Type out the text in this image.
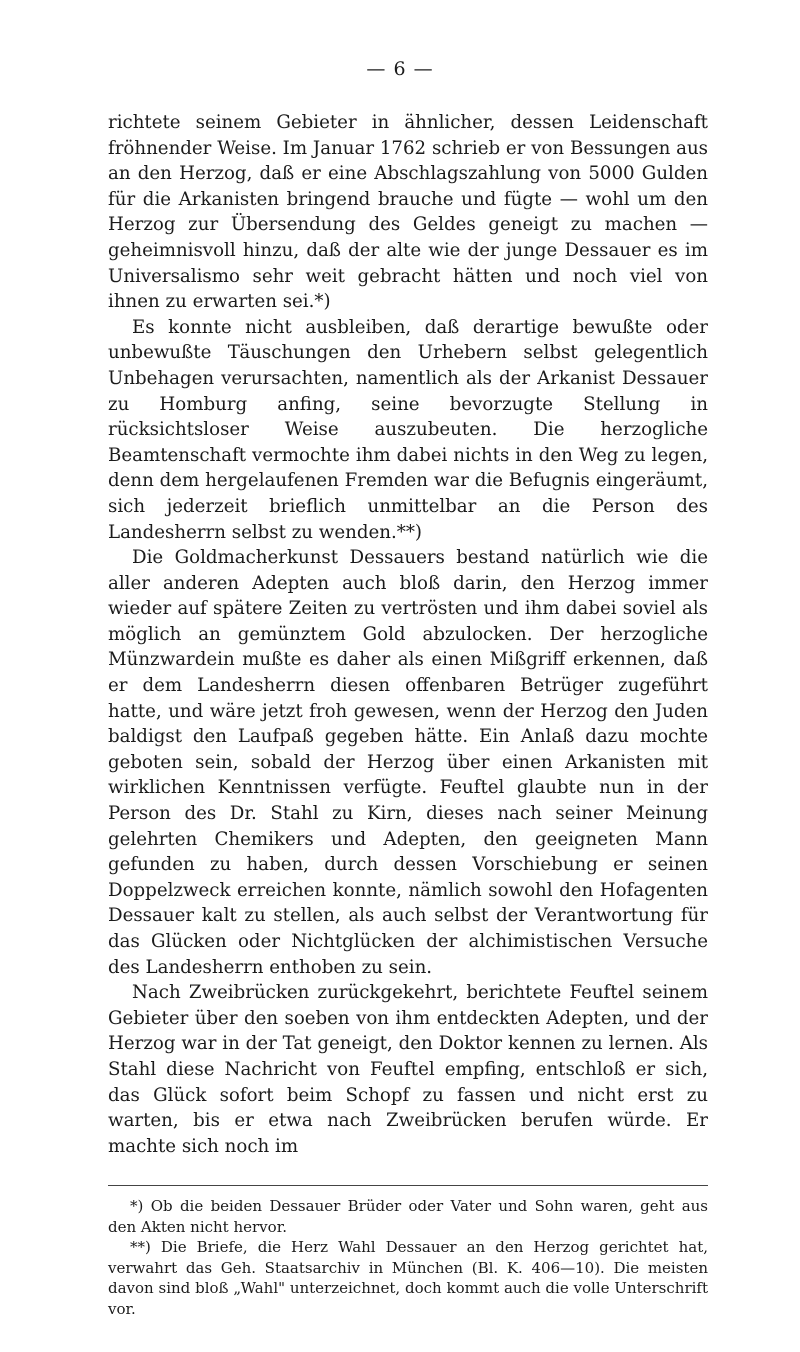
— 6 —

richtete seinem Gebieter in ähnlicher, dessen Leidenschaft fröhnender Weise. Im Januar 1762 schrieb er von Bessungen aus an den Herzog, daß er eine Abschlagszahlung von 5000 Gulden für die Arkanisten bringend brauche und fügte — wohl um den Herzog zur Übersendung des Geldes geneigt zu machen — geheimnisvoll hinzu, daß der alte wie der junge Dessauer es im Universalismo sehr weit gebracht hätten und noch viel von ihnen zu erwarten sei.*)

Es konnte nicht ausbleiben, daß derartige bewußte oder unbewußte Täuschungen den Urhebern selbst gelegentlich Unbehagen verursachten, namentlich als der Arkanist Dessauer zu Homburg anfing, seine bevorzugte Stellung in rücksichtsloser Weise auszubeuten. Die herzogliche Beamtenschaft vermochte ihm dabei nichts in den Weg zu legen, denn dem hergelaufenen Fremden war die Befugnis eingeräumt, sich jederzeit brieflich unmittelbar an die Person des Landesherrn selbst zu wenden.**)

Die Goldmacherkunst Dessauers bestand natürlich wie die aller anderen Adepten auch bloß darin, den Herzog immer wieder auf spätere Zeiten zu vertrösten und ihm dabei soviel als möglich an gemünztem Gold abzulocken. Der herzogliche Münzwardein mußte es daher als einen Mißgriff erkennen, daß er dem Landesherrn diesen offenbaren Betrüger zugeführt hatte, und wäre jetzt froh gewesen, wenn der Herzog den Juden baldigst den Laufpaß gegeben hätte. Ein Anlaß dazu mochte geboten sein, sobald der Herzog über einen Arkanisten mit wirklichen Kenntnissen verfügte. Feuftel glaubte nun in der Person des Dr. Stahl zu Kirn, dieses nach seiner Meinung gelehrten Chemikers und Adepten, den geeigneten Mann gefunden zu haben, durch dessen Vorschiebung er seinen Doppelzweck erreichen konnte, nämlich sowohl den Hofagenten Dessauer kalt zu stellen, als auch selbst der Verantwortung für das Glücken oder Nichtglücken der alchimistischen Versuche des Landesherrn enthoben zu sein.

Nach Zweibrücken zurückgekehrt, berichtete Feuftel seinem Gebieter über den soeben von ihm entdeckten Adepten, und der Herzog war in der Tat geneigt, den Doktor kennen zu lernen. Als Stahl diese Nachricht von Feuftel empfing, entschloß er sich, das Glück sofort beim Schopf zu fassen und nicht erst zu warten, bis er etwa nach Zweibrücken berufen würde. Er machte sich noch im

*) Ob die beiden Dessauer Brüder oder Vater und Sohn waren, geht aus den Akten nicht hervor.

**) Die Briefe, die Herz Wahl Dessauer an den Herzog gerichtet hat, verwahrt das Geh. Staatsarchiv in München (Bl. K. 406—10). Die meisten davon sind bloß „Wahl" unterzeichnet, doch kommt auch die volle Unterschrift vor.
